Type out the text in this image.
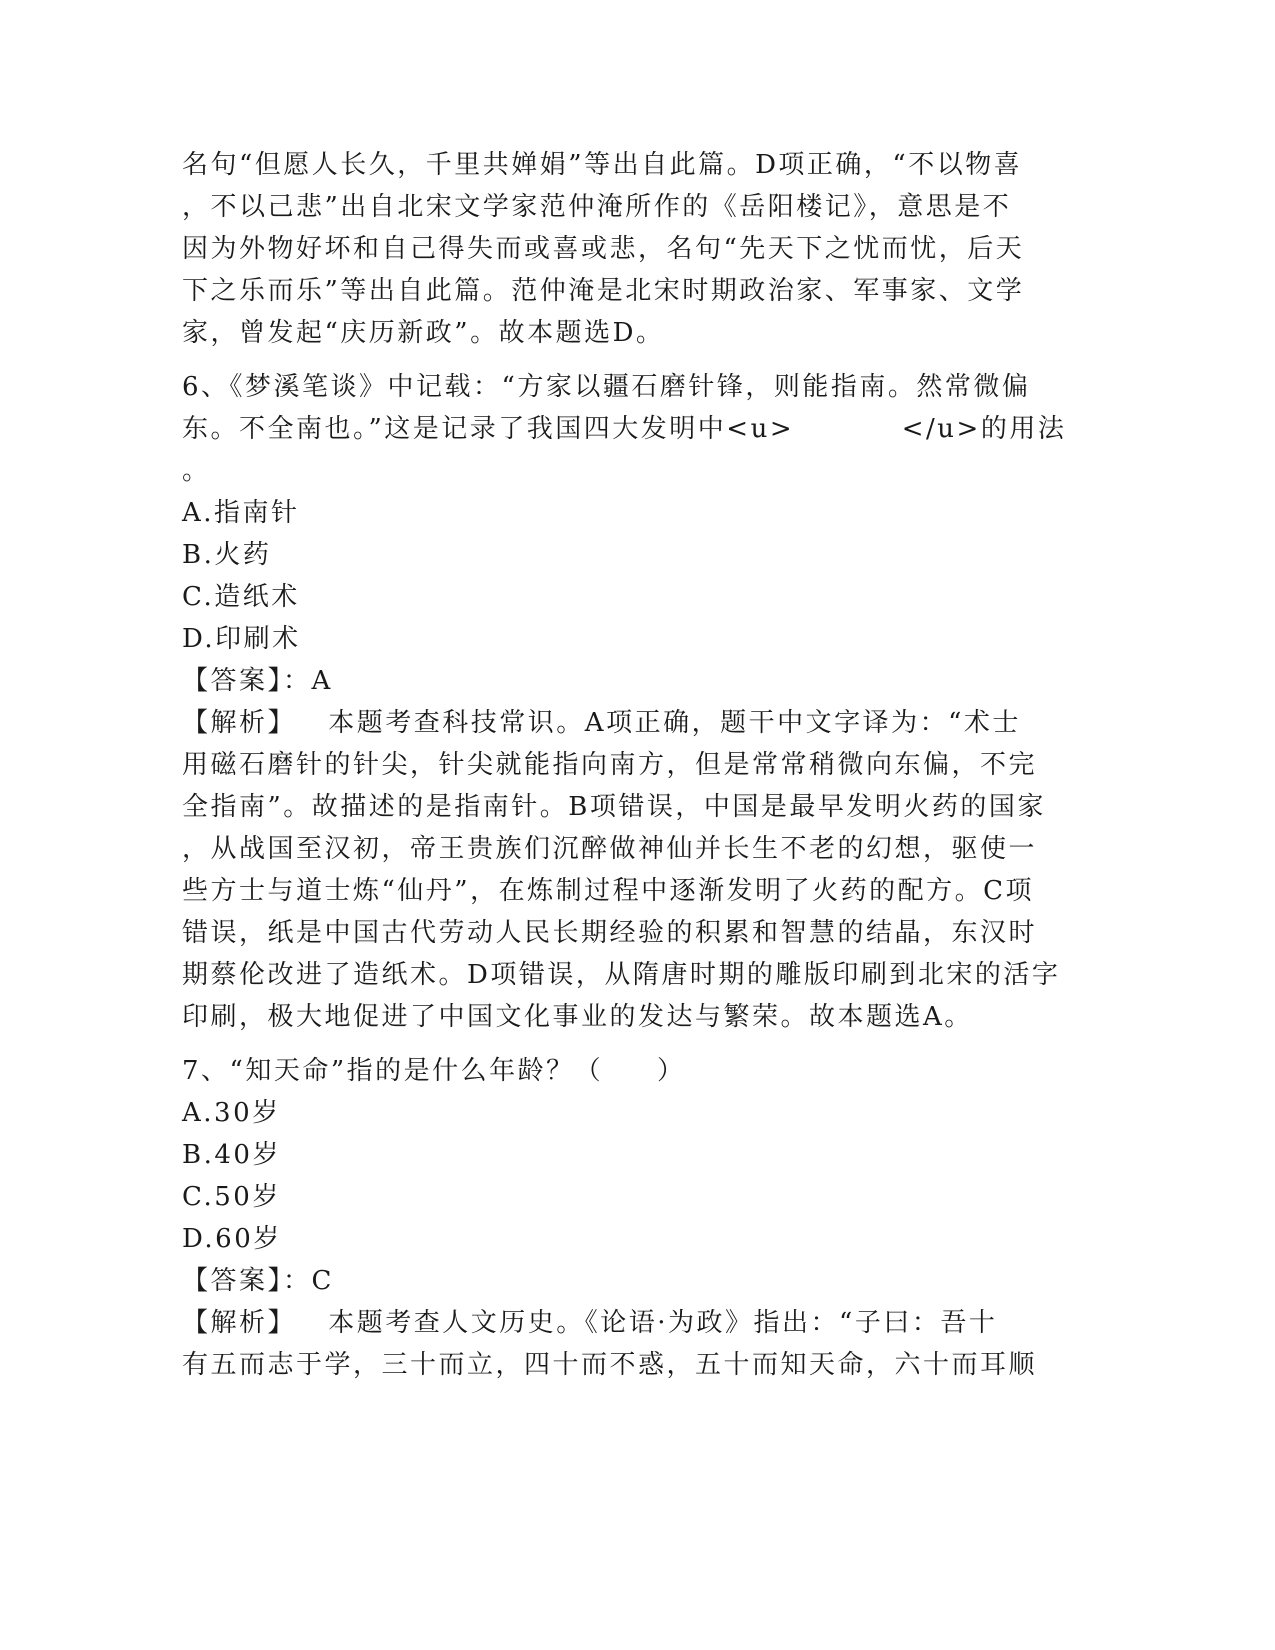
名句“但愿人长久，千里共婵娟”等出自此篇。D项正确，“不以物喜
，不以己悲”出自北宋文学家范仲淹所作的《岳阳楼记》，意思是不
因为外物好坏和自己得失而或喜或悲，名句“先天下之忧而忧，后天
下之乐而乐”等出自此篇。范仲淹是北宋时期政治家、军事家、文学
家，曾发起“庆历新政”。故本题选D。
6、《梦溪笔谈》中记载：“方家以疆石磨针锋，则能指南。然常微偏
东。不全南也。”这是记录了我国四大发明中<u>          </u>的用法
。
A.指南针
B.火药
C.造纸术
D.印刷术
【答案】：A
【解析】   本题考查科技常识。A项正确，题干中文字译为：“术士
用磁石磨针的针尖，针尖就能指向南方，但是常常稍微向东偏，不完
全指南”。故描述的是指南针。B项错误，中国是最早发明火药的国家
，从战国至汉初，帝王贵族们沉醉做神仙并长生不老的幻想，驱使一
些方士与道士炼“仙丹”，在炼制过程中逐渐发明了火药的配方。C项
错误，纸是中国古代劳动人民长期经验的积累和智慧的结晶，东汉时
期蔡伦改进了造纸术。D项错误，从隋唐时期的雕版印刷到北宋的活字
印刷，极大地促进了中国文化事业的发达与繁荣。故本题选A。
7、“知天命”指的是什么年龄？（     ）
A.30岁
B.40岁
C.50岁
D.60岁
【答案】：C
【解析】   本题考查人文历史。《论语·为政》指出：“子曰：吾十
有五而志于学，三十而立，四十而不惑，五十而知天命，六十而耳顺
